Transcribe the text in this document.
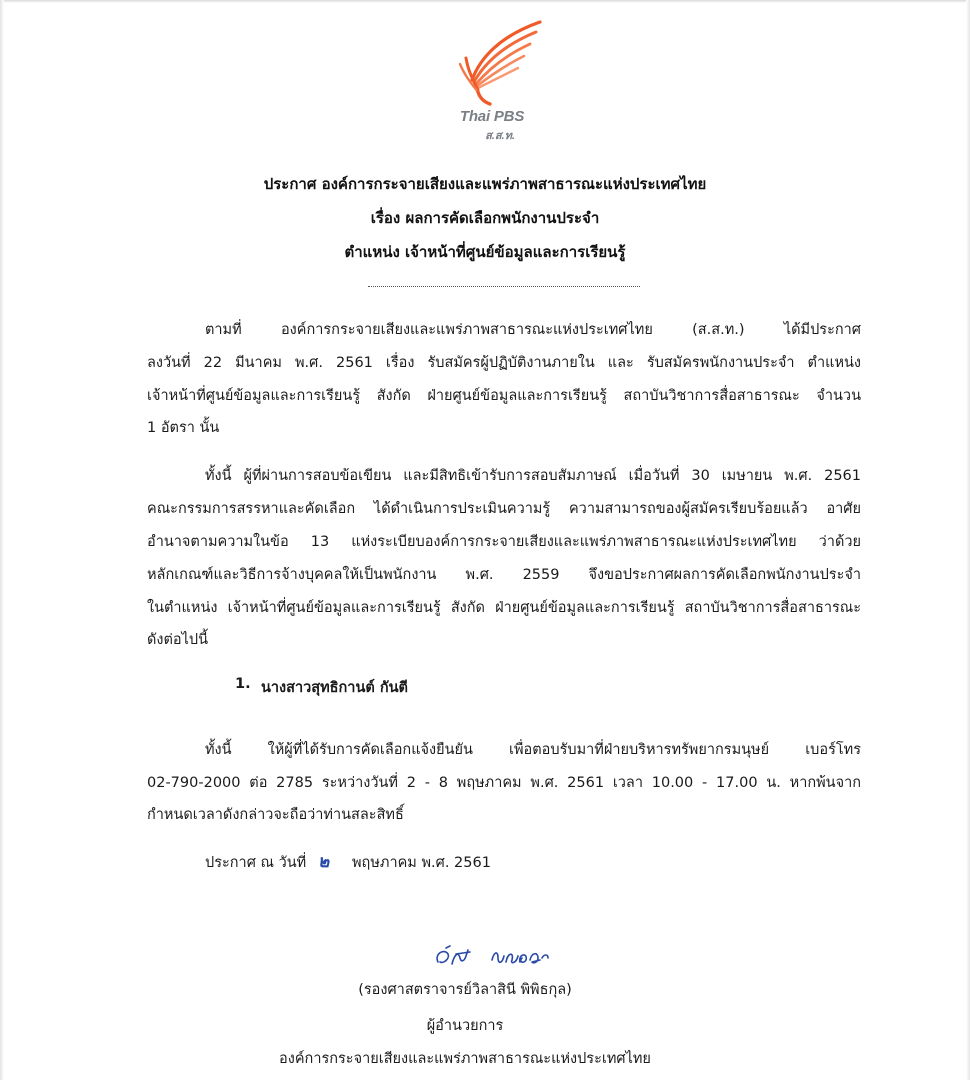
Thai PBS
ส.ส.ท.
ประกาศ องค์การกระจายเสียงและแพร่ภาพสาธารณะแห่งประเทศไทย
เรื่อง ผลการคัดเลือกพนักงานประจำ
ตำแหน่ง เจ้าหน้าที่ศูนย์ข้อมูลและการเรียนรู้
ตามที่ องค์การกระจายเสียงและแพร่ภาพสาธารณะแห่งประเทศไทย (ส.ส.ท.) ได้มีประกาศ
ลงวันที่ 22 มีนาคม พ.ศ. 2561 เรื่อง รับสมัครผู้ปฏิบัติงานภายใน และ รับสมัครพนักงานประจำ ตำแหน่ง
เจ้าหน้าที่ศูนย์ข้อมูลและการเรียนรู้ สังกัด ฝ่ายศูนย์ข้อมูลและการเรียนรู้ สถาบันวิชาการสื่อสาธารณะ จำนวน
1 อัตรา นั้น
ทั้งนี้ ผู้ที่ผ่านการสอบข้อเขียน และมีสิทธิเข้ารับการสอบสัมภาษณ์ เมื่อวันที่ 30 เมษายน พ.ศ. 2561
คณะกรรมการสรรหาและคัดเลือก ได้ดำเนินการประเมินความรู้ ความสามารถของผู้สมัครเรียบร้อยแล้ว อาศัย
อำนาจตามความในข้อ 13 แห่งระเบียบองค์การกระจายเสียงและแพร่ภาพสาธารณะแห่งประเทศไทย ว่าด้วย
หลักเกณฑ์และวิธีการจ้างบุคคลให้เป็นพนักงาน พ.ศ. 2559 จึงขอประกาศผลการคัดเลือกพนักงานประจำ
ในตำแหน่ง เจ้าหน้าที่ศูนย์ข้อมูลและการเรียนรู้ สังกัด ฝ่ายศูนย์ข้อมูลและการเรียนรู้ สถาบันวิชาการสื่อสาธารณะ
ดังต่อไปนี้
1. นางสาวสุทธิกานต์ กันตี
ทั้งนี้ ให้ผู้ที่ได้รับการคัดเลือกแจ้งยืนยัน เพื่อตอบรับมาที่ฝ่ายบริหารทรัพยากรมนุษย์ เบอร์โทร
02-790-2000 ต่อ 2785 ระหว่างวันที่ 2 - 8 พฤษภาคม พ.ศ. 2561 เวลา 10.00 - 17.00 น. หากพ้นจาก
กำหนดเวลาดังกล่าวจะถือว่าท่านสละสิทธิ์
ประกาศ ณ วันที่ ๒ พฤษภาคม พ.ศ. 2561
(รองศาสตราจารย์วิลาสินี พิพิธกุล)
ผู้อำนวยการ
องค์การกระจายเสียงและแพร่ภาพสาธารณะแห่งประเทศไทย
